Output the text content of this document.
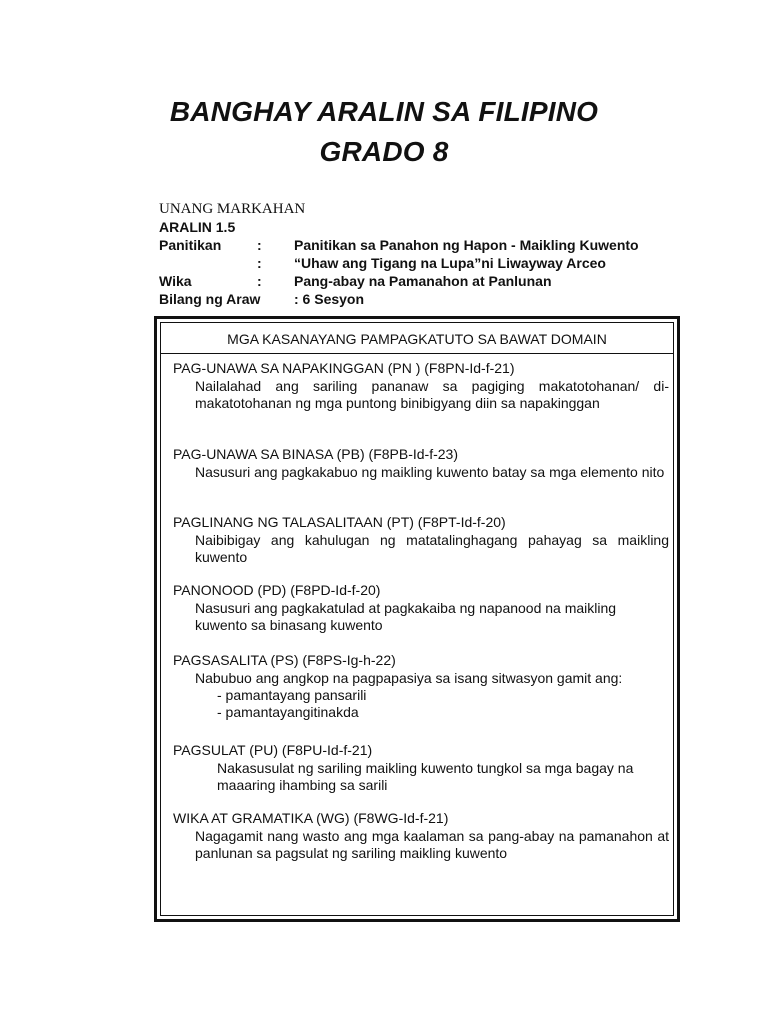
BANGHAY ARALIN SA FILIPINO
GRADO 8
UNANG MARKAHAN
ARALIN 1.5
Panitikan	: Panitikan sa Panahon ng Hapon - Maikling Kuwento
: “Uhaw ang Tigang na Lupa”ni Liwayway Arceo
Wika	: Pang-abay na Pamanahon at Panlunan
Bilang ng Araw : 6 Sesyon
MGA KASANAYANG PAMPAGKATUTO SA BAWAT DOMAIN
PAG-UNAWA SA NAPAKINGGAN (PN ) (F8PN-Id-f-21)
Nailalahad ang sariling pananaw sa pagiging makatotohanan/ di-makatotohanan ng mga puntong binibigyang diin sa napakinggan
PAG-UNAWA SA BINASA (PB) (F8PB-Id-f-23)
Nasusuri ang pagkakabuo ng maikling kuwento batay sa mga elemento nito
PAGLINANG NG TALASALITAAN (PT) (F8PT-Id-f-20)
Naibibigay ang kahulugan ng matatalinghagang pahayag sa maikling kuwento
PANONOOD (PD) (F8PD-Id-f-20)
Nasusuri ang pagkakatulad at pagkakaiba ng napanood na maikling kuwento sa binasang kuwento
PAGSASALITA (PS) (F8PS-Ig-h-22)
Nabubuo ang angkop na pagpapasiya sa isang sitwasyon gamit ang:
- pamantayang pansarili
- pamantayangitinakda
PAGSULAT (PU) (F8PU-Id-f-21)
Nakasusulat ng sariling maikling kuwento tungkol sa mga bagay na maaaring ihambing sa sarili
WIKA AT GRAMATIKA (WG) (F8WG-Id-f-21)
Nagagamit nang wasto ang mga kaalaman sa pang-abay na pamanahon at panlunan sa pagsulat ng sariling maikling kuwento
